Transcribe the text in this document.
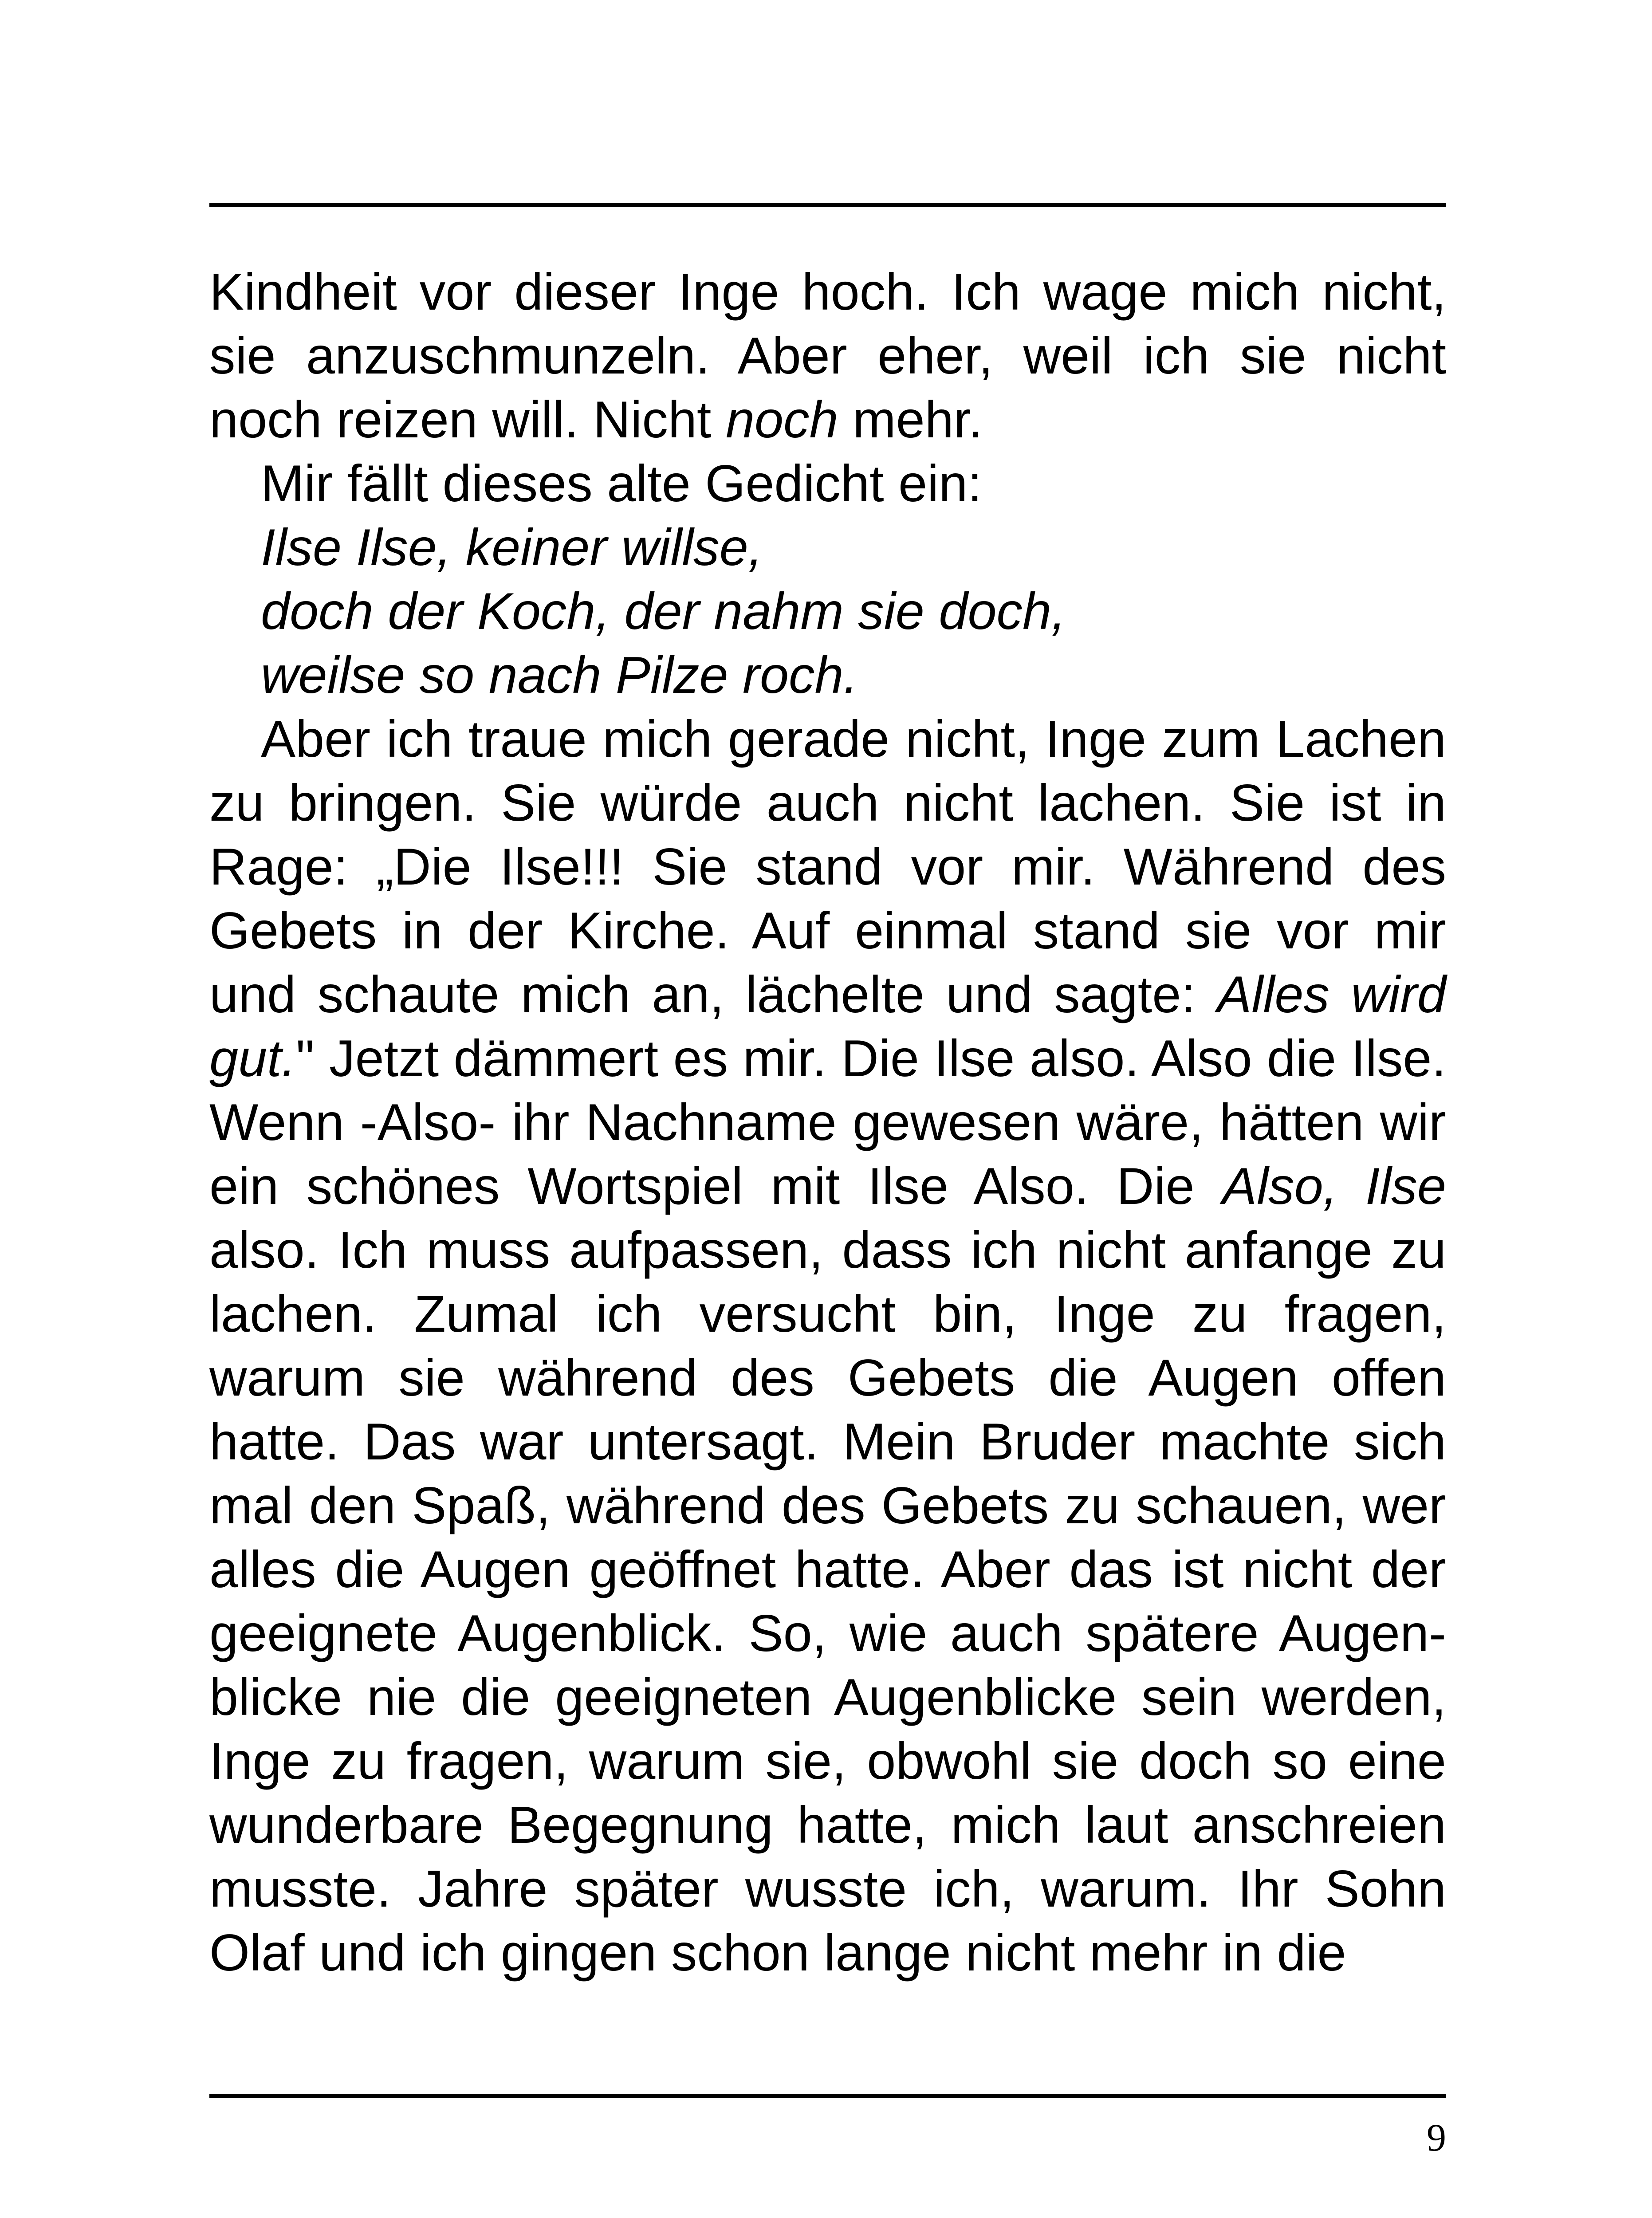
Kindheit vor dieser Inge hoch. Ich wage mich nicht,
sie anzuschmunzeln. Aber eher, weil ich sie nicht
noch reizen will. Nicht noch mehr.
Mir fällt dieses alte Gedicht ein:
Ilse Ilse, keiner willse,
doch der Koch, der nahm sie doch,
weilse so nach Pilze roch.
Aber ich traue mich gerade nicht, Inge zum Lachen
zu bringen. Sie würde auch nicht lachen. Sie ist in
Rage: „Die Ilse!!! Sie stand vor mir. Während des
Gebets in der Kirche. Auf einmal stand sie vor mir
und schaute mich an, lächelte und sagte: Alles wird
gut." Jetzt dämmert es mir. Die Ilse also. Also die Ilse.
Wenn -Also- ihr Nachname gewesen wäre, hätten wir
ein schönes Wortspiel mit Ilse Also. Die Also, Ilse
also. Ich muss aufpassen, dass ich nicht anfange zu
lachen. Zumal ich versucht bin, Inge zu fragen,
warum sie während des Gebets die Augen offen
hatte. Das war untersagt. Mein Bruder machte sich
mal den Spaß, während des Gebets zu schauen, wer
alles die Augen geöffnet hatte. Aber das ist nicht der
geeignete Augenblick. So, wie auch spätere Augen-
blicke nie die geeigneten Augenblicke sein werden,
Inge zu fragen, warum sie, obwohl sie doch so eine
wunderbare Begegnung hatte, mich laut anschreien
musste. Jahre später wusste ich, warum. Ihr Sohn
Olaf und ich gingen schon lange nicht mehr in die
9
